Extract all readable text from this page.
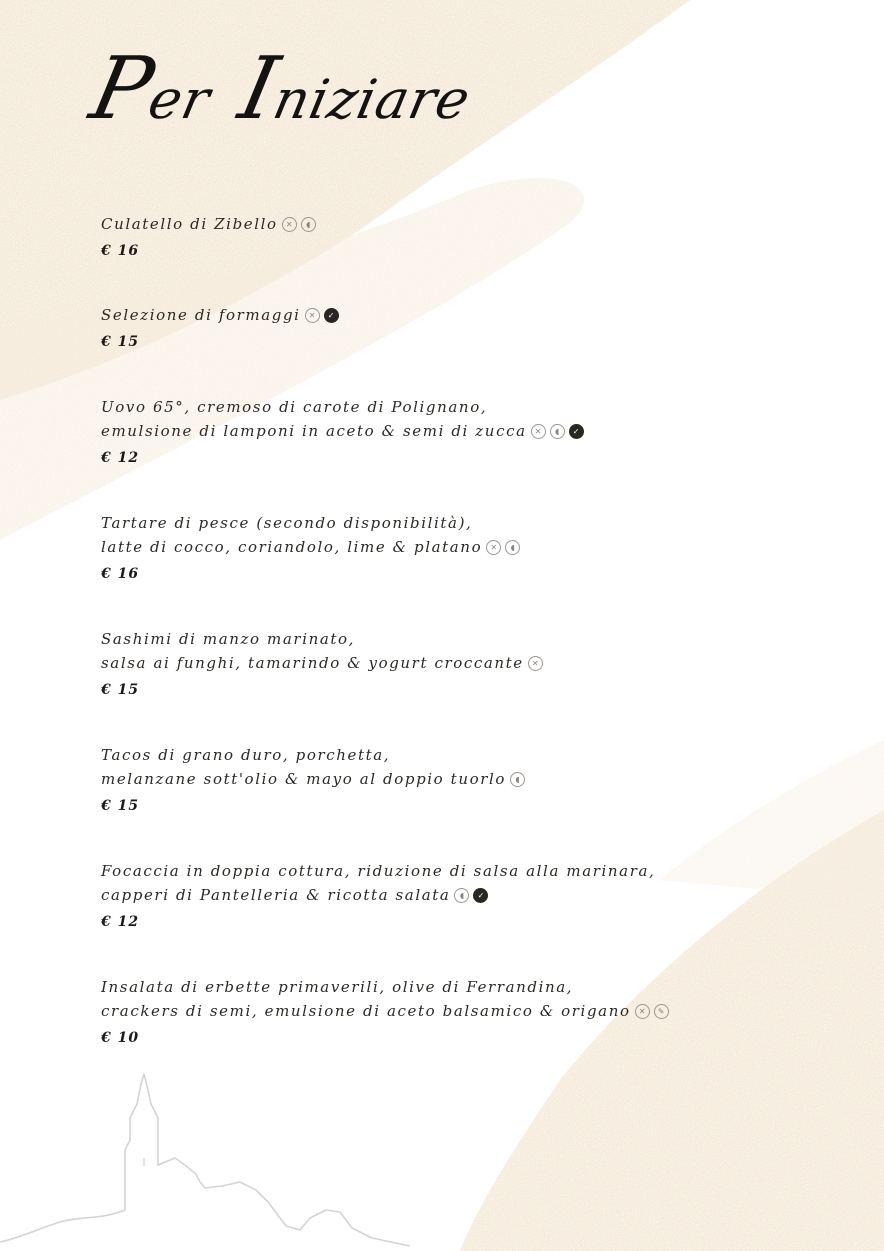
Per Iniziare
Culatello di Zibello ✕ ◖
€ 16
Selezione di formaggi ✕ ✓
€ 15
Uovo 65°, cremoso di carote di Polignano,
emulsione di lamponi in aceto & semi di zucca ✕ ◖ ✓
€ 12
Tartare di pesce (secondo disponibilità),
latte di cocco, coriandolo, lime & platano ✕ ◖
€ 16
Sashimi di manzo marinato,
salsa ai funghi, tamarindo & yogurt croccante ✕
€ 15
Tacos di grano duro, porchetta,
melanzane sott'olio & mayo al doppio tuorlo ◖
€ 15
Focaccia in doppia cottura, riduzione di salsa alla marinara,
capperi di Pantelleria & ricotta salata ◖ ✓
€ 12
Insalata di erbette primaverili, olive di Ferrandina,
crackers di semi, emulsione di aceto balsamico & origano ✕ ✎
€ 10
